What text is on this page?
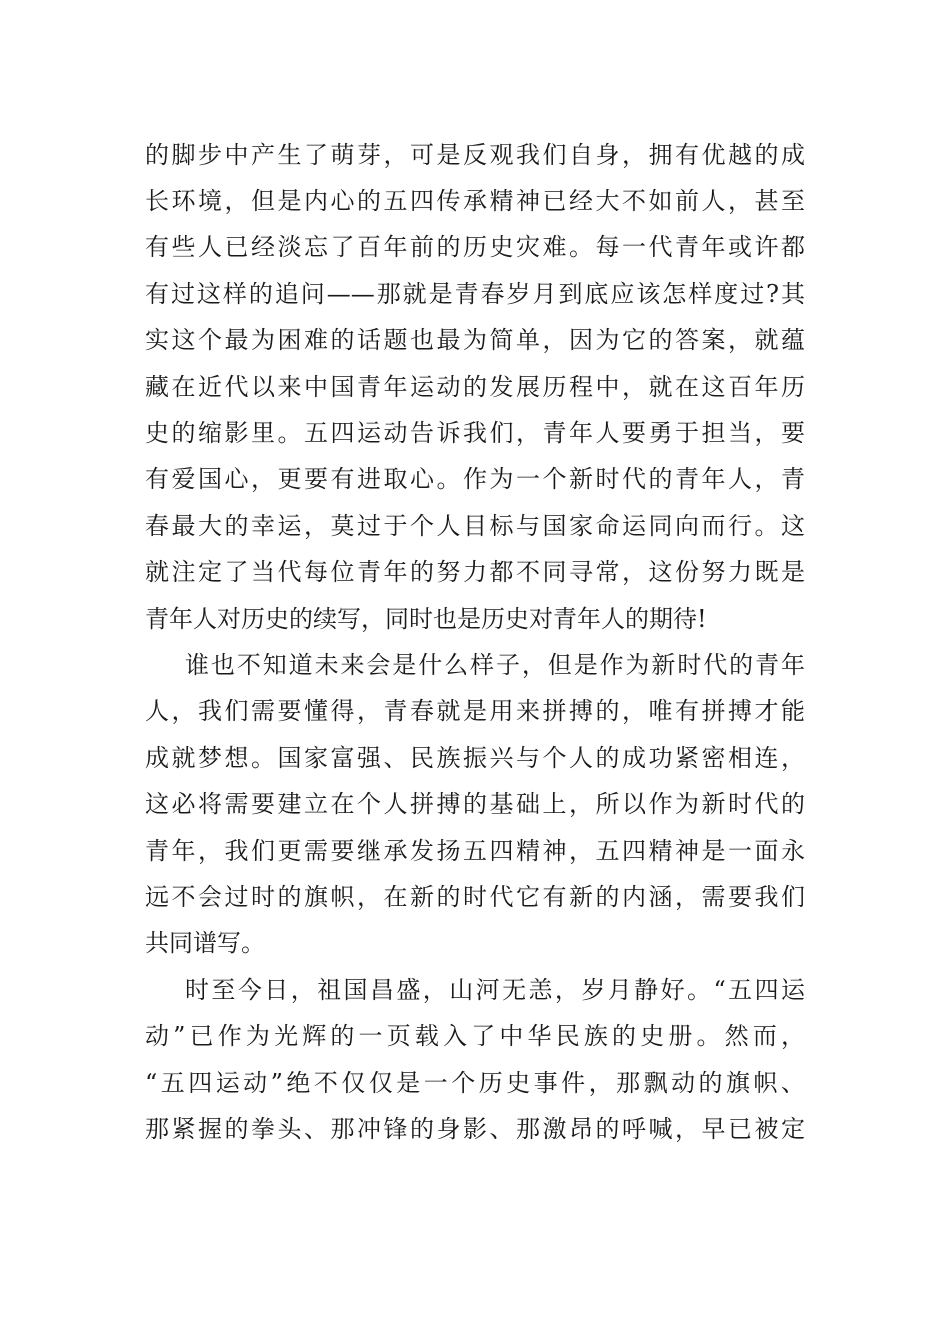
的脚步中产生了萌芽，可是反观我们自身，拥有优越的成
长环境，但是内心的五四传承精神已经大不如前人，甚至
有些人已经淡忘了百年前的历史灾难。每一代青年或许都
有过这样的追问——那就是青春岁月到底应该怎样度过?其
实这个最为困难的话题也最为简单，因为它的答案，就蕴
藏在近代以来中国青年运动的发展历程中，就在这百年历
史的缩影里。五四运动告诉我们，青年人要勇于担当，要
有爱国心，更要有进取心。作为一个新时代的青年人，青
春最大的幸运，莫过于个人目标与国家命运同向而行。这
就注定了当代每位青年的努力都不同寻常，这份努力既是
青年人对历史的续写，同时也是历史对青年人的期待!
谁也不知道未来会是什么样子，但是作为新时代的青年
人，我们需要懂得，青春就是用来拼搏的，唯有拼搏才能
成就梦想。国家富强、民族振兴与个人的成功紧密相连，
这必将需要建立在个人拼搏的基础上，所以作为新时代的
青年，我们更需要继承发扬五四精神，五四精神是一面永
远不会过时的旗帜，在新的时代它有新的内涵，需要我们
共同谱写。
时至今日，祖国昌盛，山河无恙，岁月静好。“五四运
动”已作为光辉的一页载入了中华民族的史册。然而，
“五四运动”绝不仅仅是一个历史事件，那飘动的旗帜、
那紧握的拳头、那冲锋的身影、那激昂的呼喊，早已被定
